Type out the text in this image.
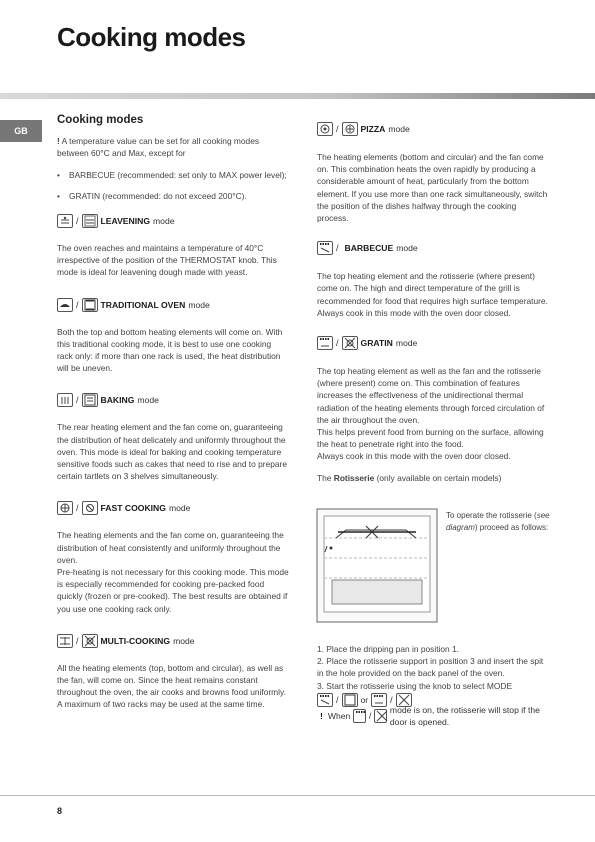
Cooking modes
GB
Cooking modes

! A temperature value can be set for all cooking modes between 60°C and Max, except for

•	BARBECUE (recommended: set only to MAX power level);
•	GRATIN (recommended: do not exceed 200°C).
/	LEAVENING mode

The oven reaches and maintains a temperature of 40°C irrespective of the position of the THERMOSTAT knob. This mode is ideal for leavening dough made with yeast.

/	TRADITIONAL OVEN mode

Both the top and bottom heating elements will come on. With this traditional cooking mode, it is best to use one cooking rack only: if more than one rack is used, the heat distribution will be uneven.

/	BAKING mode

The rear heating element and the fan come on, guaranteeing the distribution of heat delicately and uniformly throughout the oven. This mode is ideal for baking and cooking temperature sensitive foods such as cakes that need to rise and to prepare certain tartlets on 3 shelves simultaneously.

/	FAST COOKING mode

The heating elements and the fan come on, guaranteeing the distribution of heat consistently and uniformly throughout the oven.
Pre-heating is not necessary for this cooking mode. This mode is especially recommended for cooking pre-packed food quickly (frozen or pre-cooked). The best results are obtained if you use one cooking rack only.

/	MULTI-COOKING mode

All the heating elements (top, bottom and circular), as well as the fan, will come on. Since the heat remains constant throughout the oven, the air cooks and browns food uniformly. A maximum of two racks may be used at the same time.

/	PIZZA mode

The heating elements (bottom and circular) and the fan come on. This combination heats the oven rapidly by producing a considerable amount of heat, particularly from the bottom element. If you use more than one rack simultaneously, switch the position of the dishes halfway through the cooking process.

/ BARBECUE mode

The top heating element and the rotisserie (where present) come on. The high and direct temperature of the grill is recommended for food that requires high surface temperature. Always cook in this mode with the oven door closed.

/	GRATIN mode

The top heating element as well as the fan and the rotisserie (where present) come on. This combination of features increases the effectiveness of the unidirectional thermal radiation of the heating elements through forced circulation of the air throughout the oven.
This helps prevent food from burning on the surface, allowing the heat to penetrate right into the food.
Always cook in this mode with the oven door closed.

The Rotisserie (only available on certain models)

To operate the rotisserie (see diagram) proceed as follows:

1. Place the dripping pan in position 1.

2. Place the rotisserie support in position 3 and insert the spit in the hole provided on the back panel of the oven.

3. Start the rotisserie using the knob to select MODE

/	or /
! When /
mode is on, the rotisserie will stop if the door is opened.
8
